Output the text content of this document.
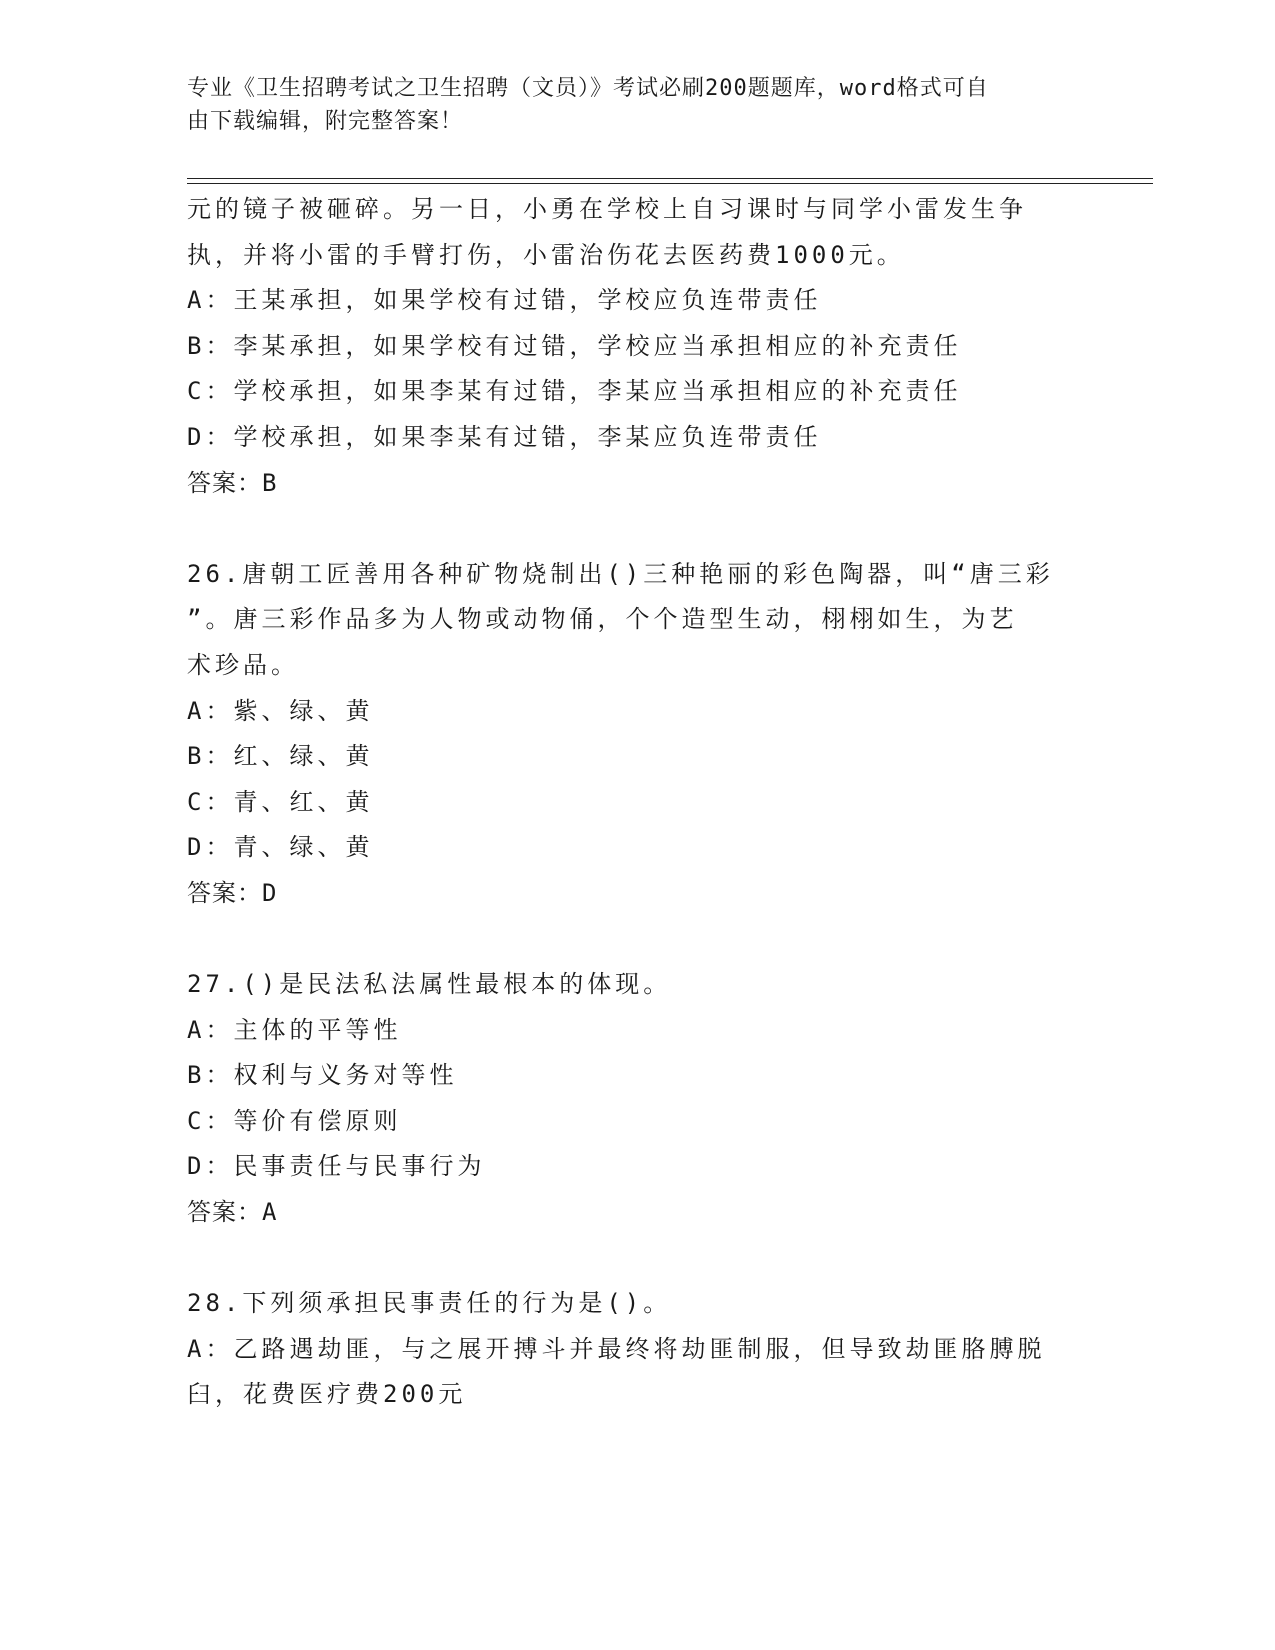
专业《卫生招聘考试之卫生招聘（文员）》考试必刷200题题库，word格式可自
由下载编辑，附完整答案！
元的镜子被砸碎。另一日，小勇在学校上自习课时与同学小雷发生争
执，并将小雷的手臂打伤，小雷治伤花去医药费1000元。
A：王某承担，如果学校有过错，学校应负连带责任
B：李某承担，如果学校有过错，学校应当承担相应的补充责任
C：学校承担，如果李某有过错，李某应当承担相应的补充责任
D：学校承担，如果李某有过错，李某应负连带责任
答案：B
26.唐朝工匠善用各种矿物烧制出()三种艳丽的彩色陶器，叫“唐三彩
”。唐三彩作品多为人物或动物俑，个个造型生动，栩栩如生，为艺
术珍品。
A：紫、绿、黄
B：红、绿、黄
C：青、红、黄
D：青、绿、黄
答案：D
27.()是民法私法属性最根本的体现。
A：主体的平等性
B：权利与义务对等性
C：等价有偿原则
D：民事责任与民事行为
答案：A
28.下列须承担民事责任的行为是()。
A：乙路遇劫匪，与之展开搏斗并最终将劫匪制服，但导致劫匪胳膊脱
臼，花费医疗费200元
